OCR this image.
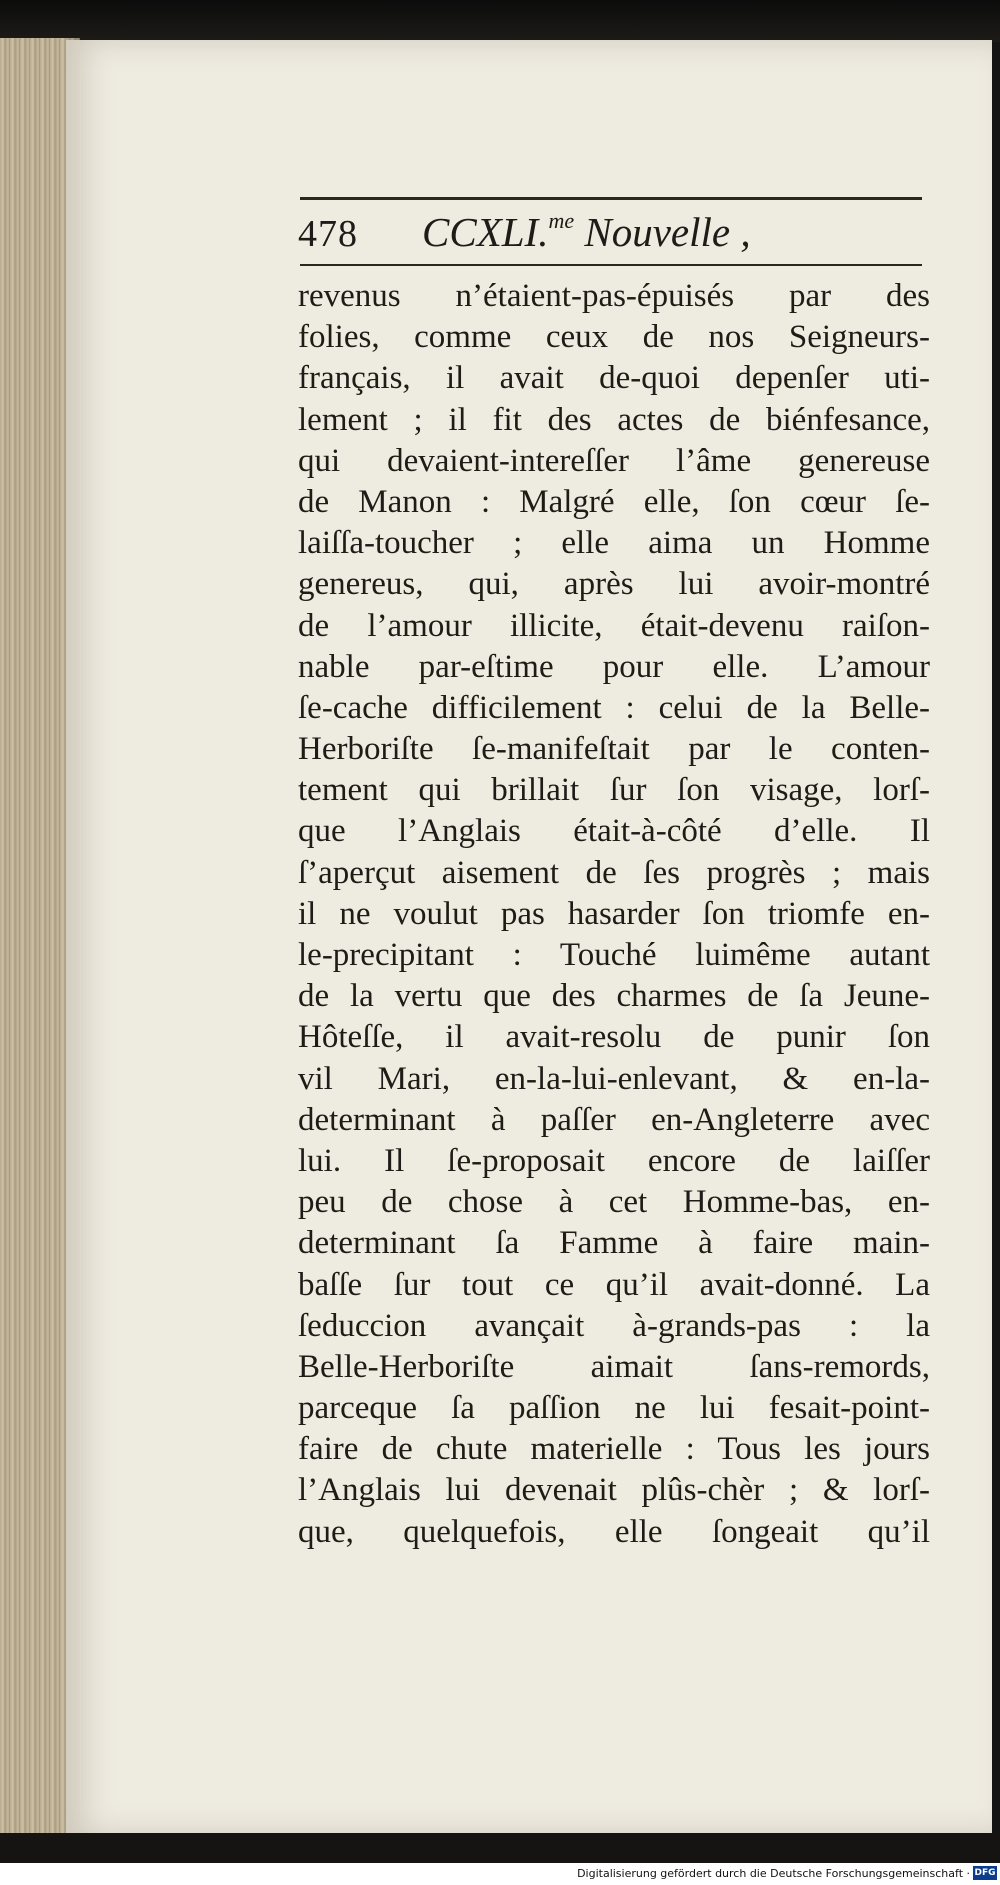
478 CCXLI.$^{me}$ Nouvelle ,
revenus n’étaient-pas-épuisés par des
folies, comme ceux de nos Seigneurs-
français, il avait de-quoi depenſer uti-
lement ; il fit des actes de biénfesance,
qui devaient-intereſſer l’âme genereuse
de Manon : Malgré elle, ſon cœur ſe-
laiſſa-toucher ; elle aima un Homme
genereus, qui, après lui avoir-montré
de l’amour illicite, était-devenu raiſon-
nable par-eſtime pour elle. L’amour
ſe-cache difficilement : celui de la Belle-
Herboriſte ſe-manifeſtait par le conten-
tement qui brillait ſur ſon visage, lorſ-
que l’Anglais était-à-côté d’elle. Il
ſ’aperçut aisement de ſes progrès ; mais
il ne voulut pas hasarder ſon triomfe en-
le-precipitant : Touché luimême autant
de la vertu que des charmes de ſa Jeune-
Hôteſſe, il avait-resolu de punir ſon
vil Mari, en-la-lui-enlevant, & en-la-
determinant à paſſer en-Angleterre avec
lui. Il ſe-proposait encore de laiſſer
peu de chose à cet Homme-bas, en-
determinant ſa Famme à faire main-
baſſe ſur tout ce qu’il avait-donné. La
ſeduccion avançait à-grands-pas : la
Belle-Herboriſte aimait ſans-remords,
parceque ſa paſſion ne lui fesait-point-
faire de chute materielle : Tous les jours
l’Anglais lui devenait plûs-chèr ; & lorſ-
que, quelquefois, elle ſongeait qu’il
Digitalisierung gefördert durch die Deutsche Forschungsgemeinschaft · DFG
